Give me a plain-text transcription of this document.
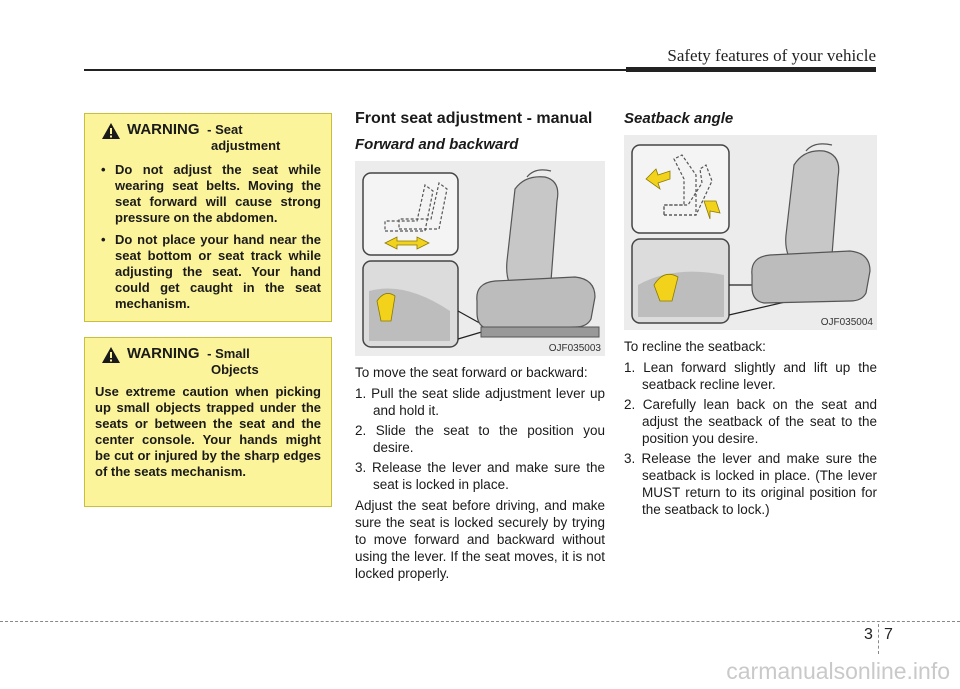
Safety features of your vehicle
WARNING - Seat
adjustment
• Do not adjust the seat while wearing seat belts. Moving the seat forward will cause strong pressure on the abdomen.
• Do not place your hand near the seat bottom or seat track while adjusting the seat. Your hand could get caught in the seat mechanism.
WARNING - Small
Objects

Use extreme caution when picking up small objects trapped under the seats or between the seat and the center console. Your hands might be cut or injured by the sharp edges of the seats mechanism.

Front seat adjustment - manual
Forward and backward
OJF035003
To move the seat forward or backward:
1. Pull the seat slide adjustment lever up and hold it.
2. Slide the seat to the position you desire.
3. Release the lever and make sure the seat is locked in place.
Adjust the seat before driving, and make sure the seat is locked securely by trying to move forward and backward without using the lever. If the seat moves, it is not locked properly.
Seatback angle
OJF035004
To recline the seatback:
1. Lean forward slightly and lift up the seatback recline lever.
2. Carefully lean back on the seat and adjust the seatback of the seat to the position you desire.
3. Release the lever and make sure the seatback is locked in place. (The lever MUST return to its original position for the seatback to lock.)
3 7
carmanualsonline.info
